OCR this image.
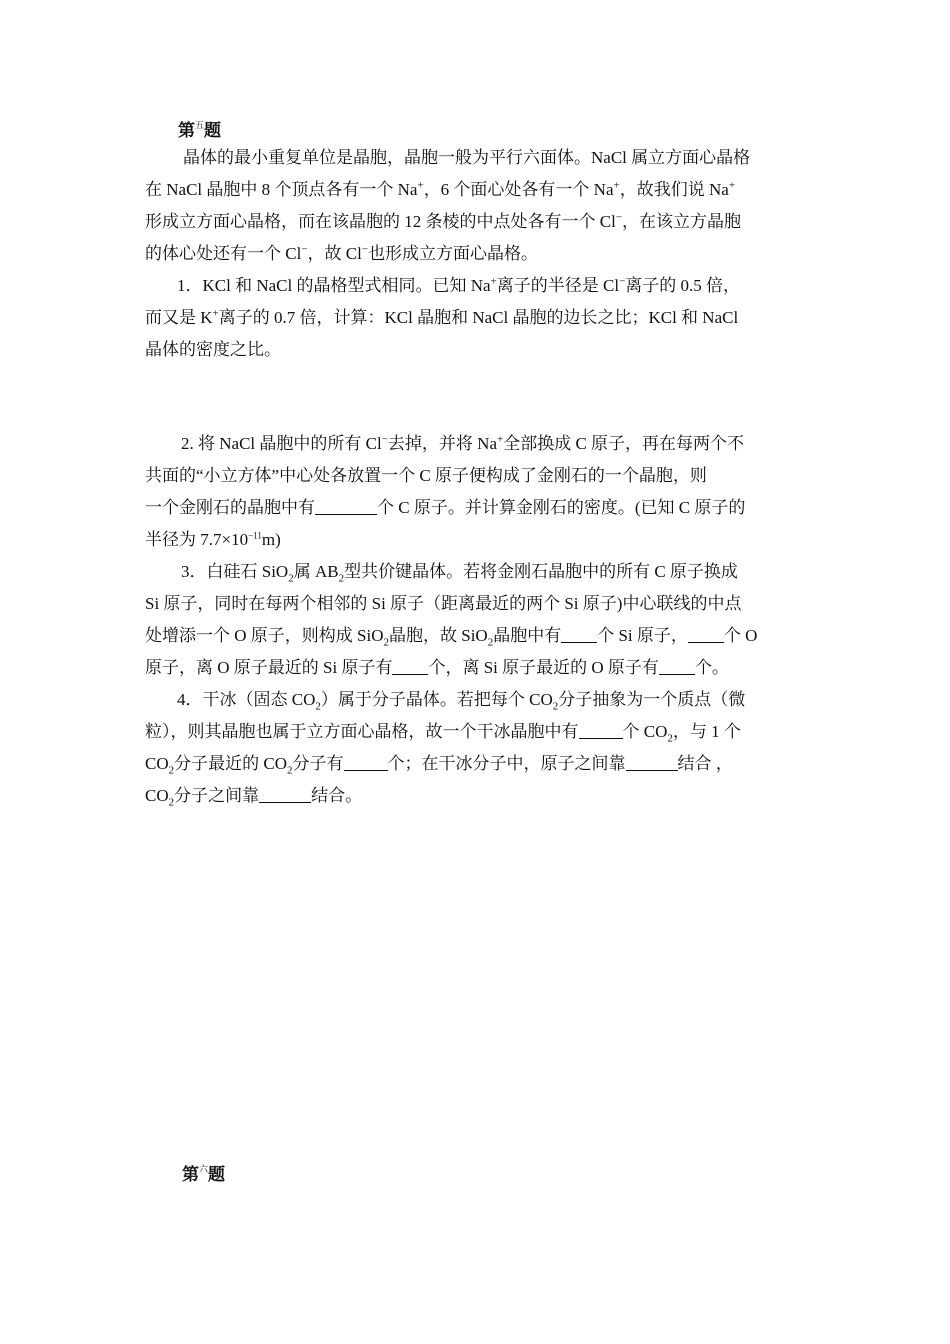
第$^五$题

晶体的最小重复单位是晶胞，晶胞一般为平行六面体。NaCl 属立方面心晶格

在 NaCl 晶胞中 8 个顶点各有一个 Na+，6 个面心处各有一个 Na+，故我们说 Na+

形成立方面心晶格，而在该晶胞的 12 条棱的中点处各有一个 Cl−，在该立方晶胞

的体心处还有一个 Cl−，故 Cl−也形成立方面心晶格。

1．KCl 和 NaCl 的晶格型式相同。已知 Na+离子的半径是 Cl−离子的 0.5 倍，

而又是 K+离子的 0.7 倍，计算：KCl 晶胞和 NaCl 晶胞的边长之比；KCl 和 NaCl

晶体的密度之比。

2. 将 NaCl 晶胞中的所有 Cl−去掉，并将 Na+全部换成 C 原子，再在每两个不

共面的“小立方体”中心处各放置一个 C 原子便构成了金刚石的一个晶胞，则

一个金刚石的晶胞中有	个 C 原子。并计算金刚石的密度。(已知 C 原子的

半径为 $7.7\times 10^{-11}m$)

3．白硅石 SiO$_2$属 $AB_2$型共价键晶体。若将金刚石晶胞中的所有 C 原子换成

Si 原子，同时在每两个相邻的 Si 原子（距离最近的两个 Si 原子)中心联线的中点

处增添一个 O 原子，则构成 SiO$_2$晶胞，故 SiO$_2$晶胞中有 个 Si 原子， 个 O

原子，离 O 原子最近的 Si 原子有 个，离 Si 原子最近的 O 原子有 个。

4．干冰（固态 $CO_2$）属于分子晶体。若把每个 $CO_2$分子抽象为一个质点（微

粒），则其晶胞也属于立方面心晶格，故一个干冰晶胞中有	个 $CO_2$，与 1 个

$CO_2$分子最近的 $CO_2$分子有	个；在干冰分子中，原子之间靠	结合 ，

$CO_2$分子之间靠	结合。

第$^六$题
